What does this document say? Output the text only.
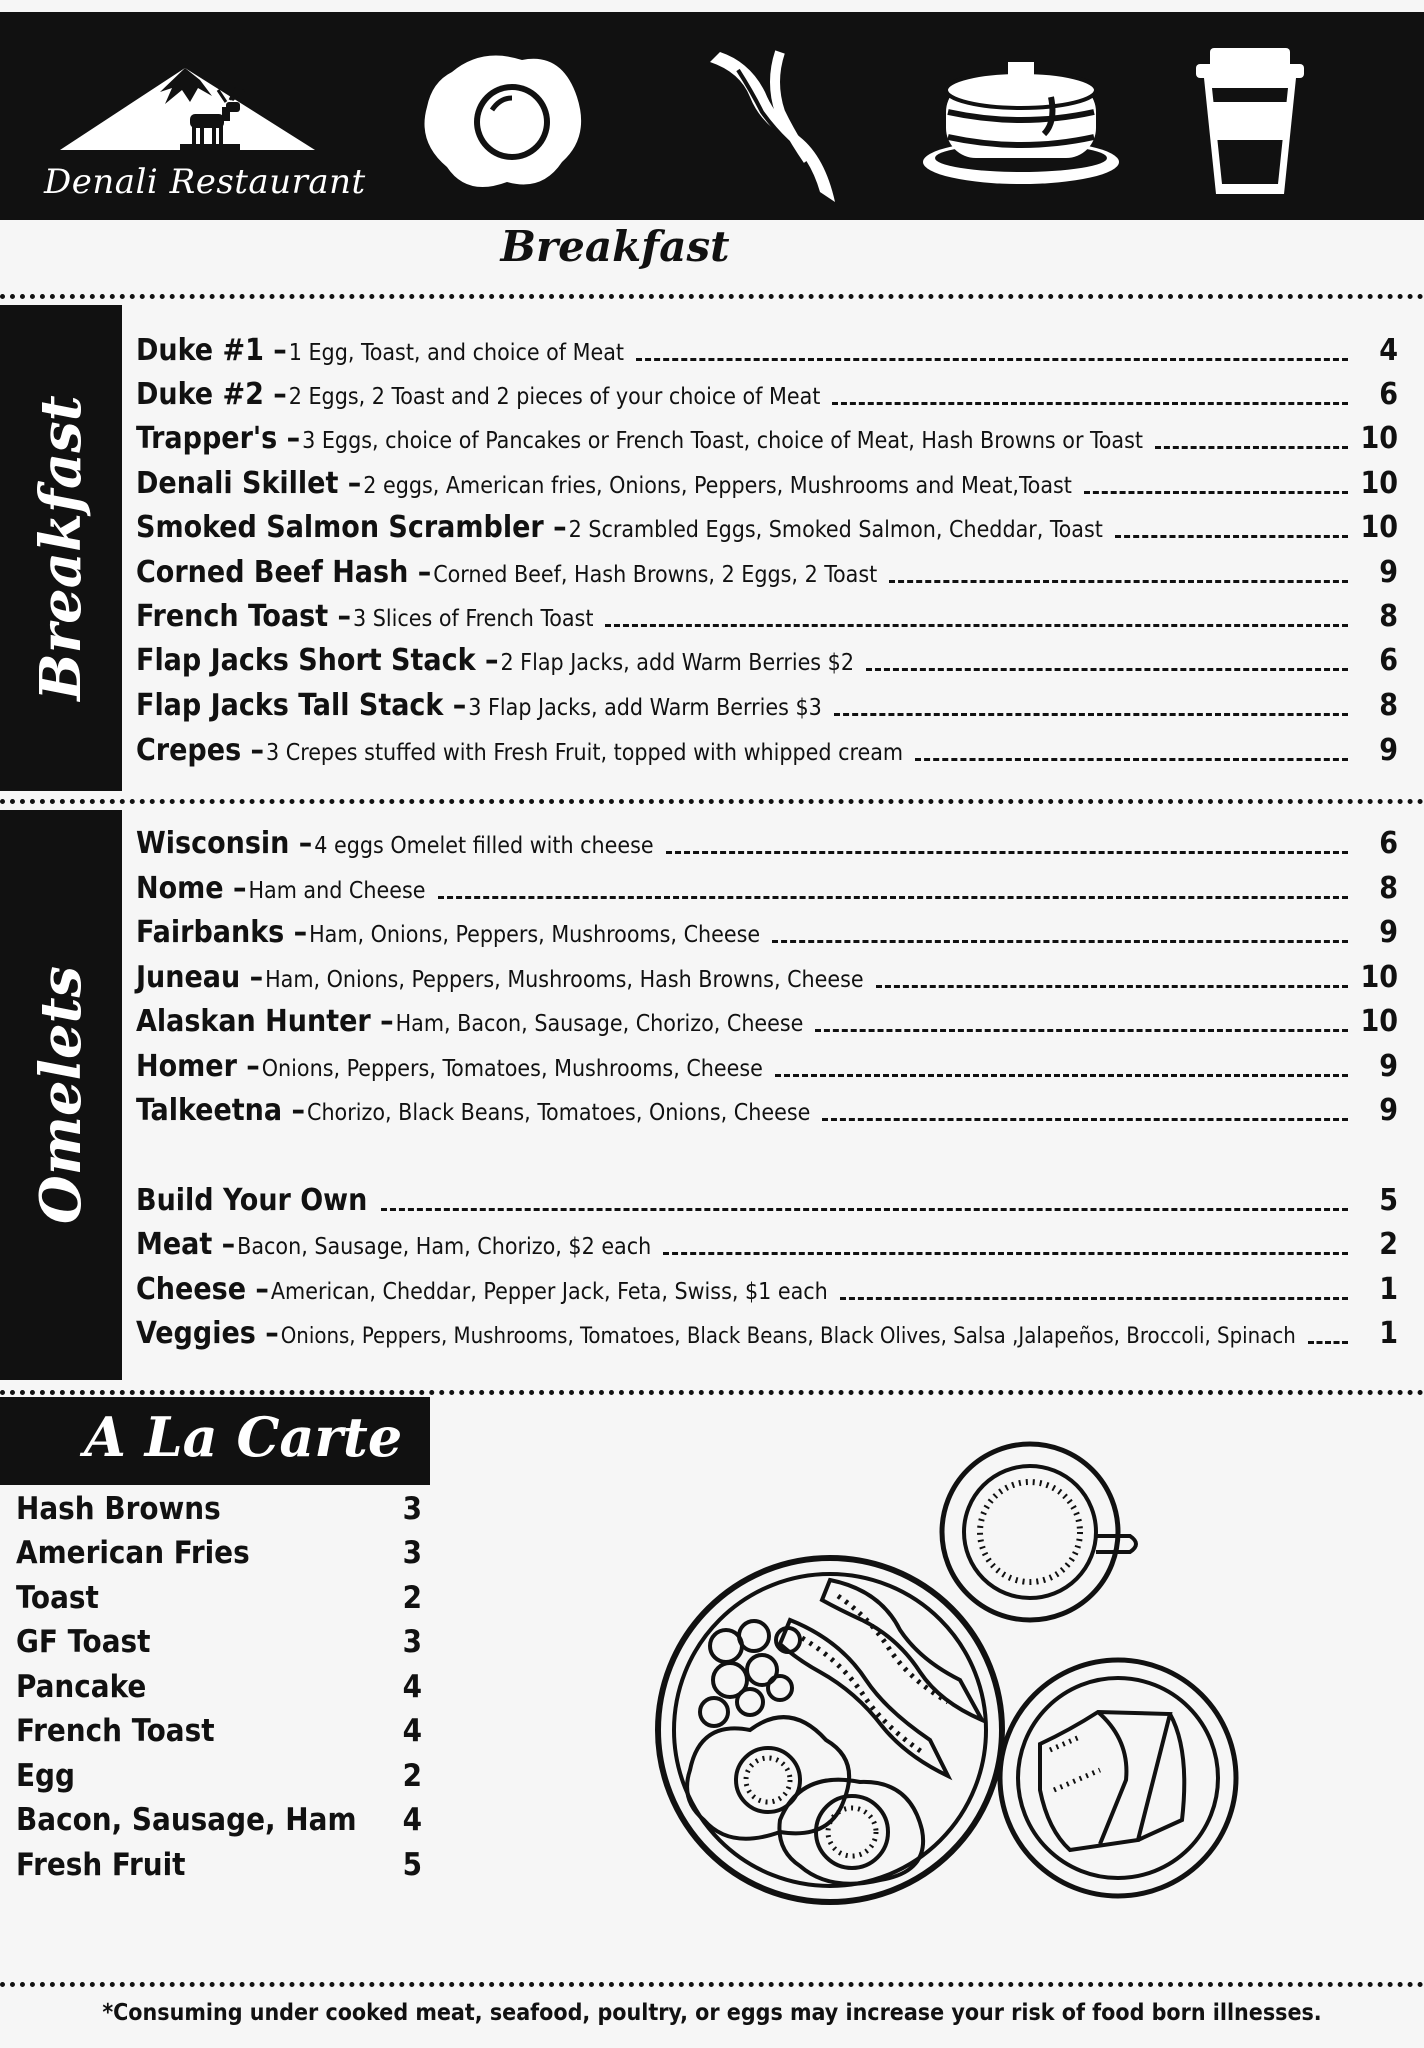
Denali Restaurant
Breakfast
Breakfast
Duke #1 – 1 Egg, Toast, and choice of Meat	4
Duke #2 – 2 Eggs, 2 Toast and 2 pieces of your choice of Meat	6
Trapper's – 3 Eggs, choice of Pancakes or French Toast, choice of Meat, Hash Browns or Toast	10
Denali Skillet – 2 eggs, American fries, Onions, Peppers, Mushrooms and Meat,Toast	10
Smoked Salmon Scrambler – 2 Scrambled Eggs, Smoked Salmon, Cheddar, Toast	10
Corned Beef Hash – Corned Beef, Hash Browns, 2 Eggs, 2 Toast	9
French Toast – 3 Slices of French Toast	8
Flap Jacks Short Stack – 2 Flap Jacks, add Warm Berries $2	6
Flap Jacks Tall Stack – 3 Flap Jacks, add Warm Berries $3	8
Crepes – 3 Crepes stuffed with Fresh Fruit, topped with whipped cream	9
Omelets
Wisconsin – 4 eggs Omelet filled with cheese	6
Nome – Ham and Cheese	8
Fairbanks – Ham, Onions, Peppers, Mushrooms, Cheese	9
Juneau – Ham, Onions, Peppers, Mushrooms, Hash Browns, Cheese	10
Alaskan Hunter – Ham, Bacon, Sausage, Chorizo, Cheese	10
Homer – Onions, Peppers, Tomatoes, Mushrooms, Cheese	9
Talkeetna – Chorizo, Black Beans, Tomatoes, Onions, Cheese	9
Build Your Own	5
Meat – Bacon, Sausage, Ham, Chorizo, $2 each	2
Cheese – American, Cheddar, Pepper Jack, Feta, Swiss, $1 each	1
Veggies – Onions, Peppers, Mushrooms, Tomatoes, Black Beans, Black Olives, Salsa ,Jalapeños, Broccoli, Spinach	1
A La Carte
Hash Browns	3
American Fries	3
Toast	2
GF Toast	3
Pancake	4
French Toast	4
Egg	2
Bacon, Sausage, Ham 4
Fresh Fruit	5
*Consuming under cooked meat, seafood, poultry, or eggs may increase your risk of food born illnesses.
